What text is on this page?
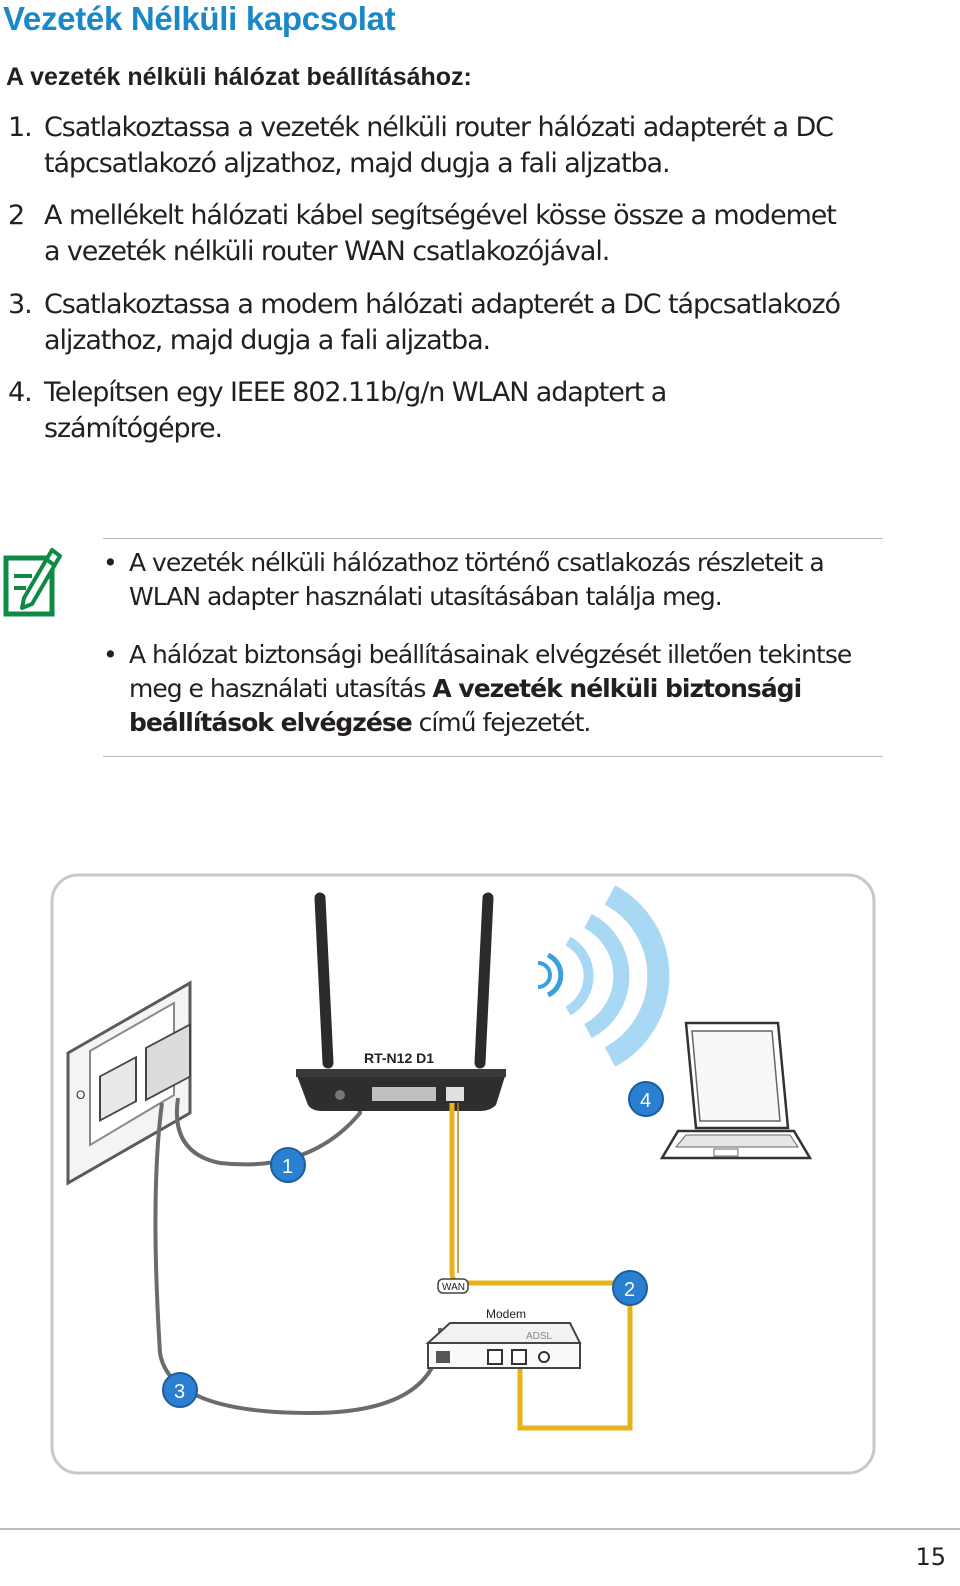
Vezeték Nélküli kapcsolat
A vezeték nélküli hálózat beállításához:
1. Csatlakoztassa a vezeték nélküli router hálózati adapterét a DC
tápcsatlakozó aljzathoz, majd dugja a fali aljzatba.
2 A mellékelt hálózati kábel segítségével kösse össze a modemet
a vezeték nélküli router WAN csatlakozójával.
3. Csatlakoztassa a modem hálózati adapterét a DC tápcsatlakozó
aljzathoz, majd dugja a fali aljzatba.
4. Telepítsen egy IEEE 802.11b/g/n WLAN adaptert a
számítógépre.
• A vezeték nélküli hálózathoz történő csatlakozás részleteit a
WLAN adapter használati utasításában találja meg.
• A hálózat biztonsági beállításainak elvégzését illetően tekintse
meg e használati utasítás A vezeték nélküli biztonsági
beállítások elvégzése című fejezetét.
O
RT-N12 D1
WAN
Modem
ADSL
1
2
3
4
15
